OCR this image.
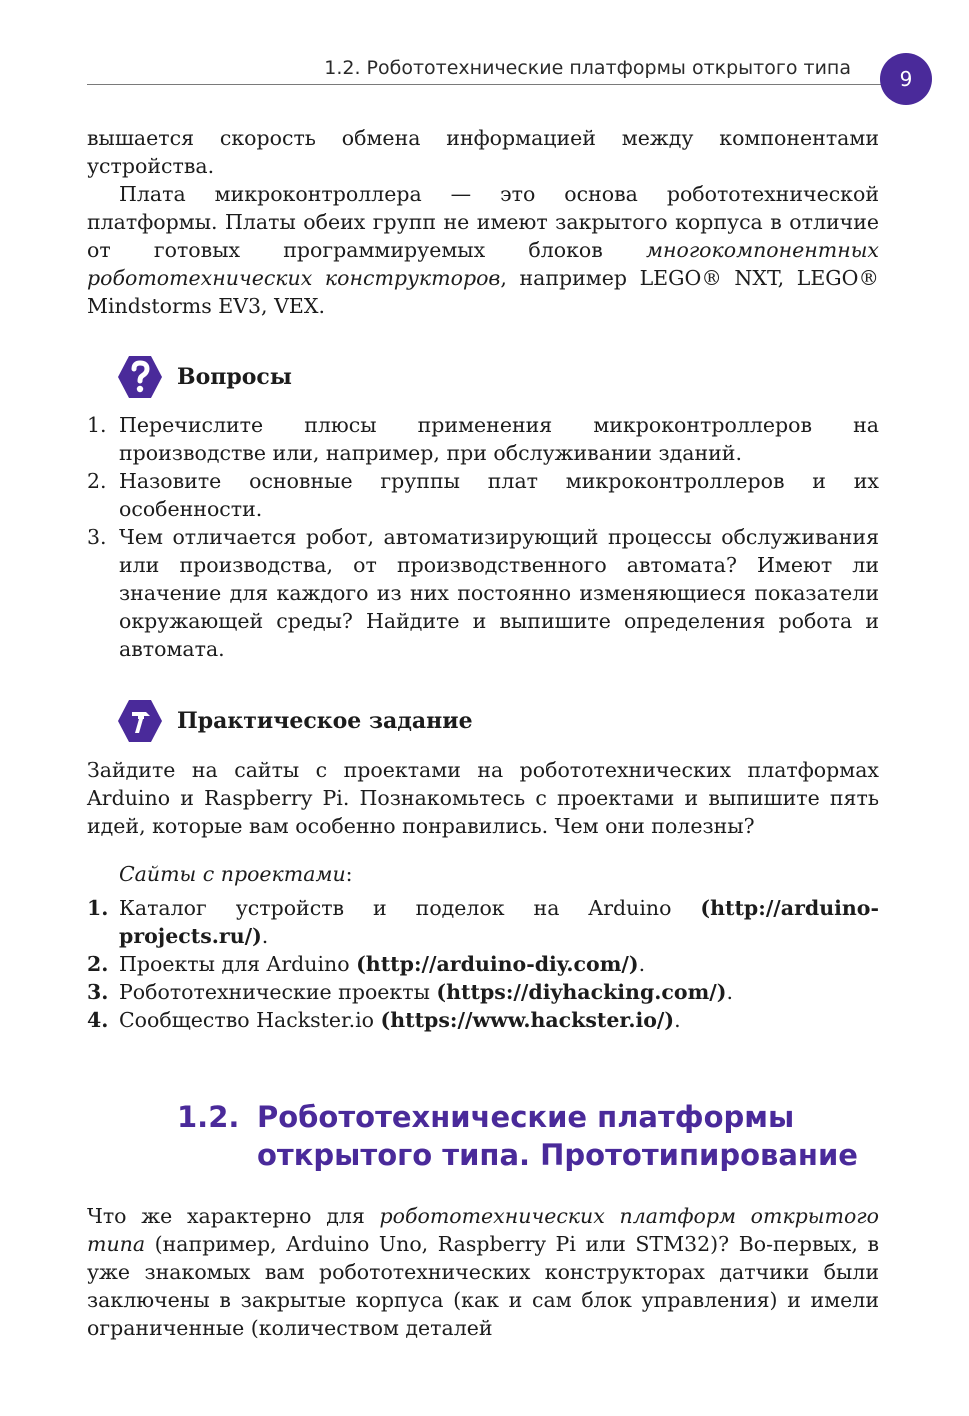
1.2. Робототехнические платформы открытого типа	9

вышается скорость обмена информацией между компонентами устройства.

Плата микроконтроллера — это основа робототехнической платформы. Платы обеих групп не имеют закрытого корпуса в отличие от готовых программируемых блоков многокомпонентных робототехнических конструкторов, например LEGO® NXT, LEGO® Mindstorms EV3, VEX.

Вопросы
1. Перечислите плюсы применения микроконтроллеров на производстве или, например, при обслуживании зданий.
2. Назовите основные группы плат микроконтроллеров и их особенности.
3. Чем отличается робот, автоматизирующий процессы обслуживания или производства, от производственного автомата? Имеют ли значение для каждого из них постоянно изменяющиеся показатели окружающей среды? Найдите и выпишите определения робота и автомата.
Практическое задание

Зайдите на сайты с проектами на робототехнических платформах Arduino и Raspberry Pi. Познакомьтесь с проектами и выпишите пять идей, которые вам особенно понравились. Чем они полезны?

Сайты с проектами:

1. Каталог устройств и поделок на Arduino (http://arduino-projects.ru/).
2. Проекты для Arduino (http://arduino-diy.com/).
3. Робототехнические проекты (https://diyhacking.com/).
4. Сообщество Hackster.io (https://www.hackster.io/).
1.2. Робототехнические платформы открытого типа. Прототипирование

Что же характерно для робототехнических платформ открытого типа (например, Arduino Uno, Raspberry Pi или STM32)? Во-первых, в уже знакомых вам робототехнических конструкторах датчики были заключены в закрытые корпуса (как и сам блок управления) и имели ограниченные (количеством деталей
